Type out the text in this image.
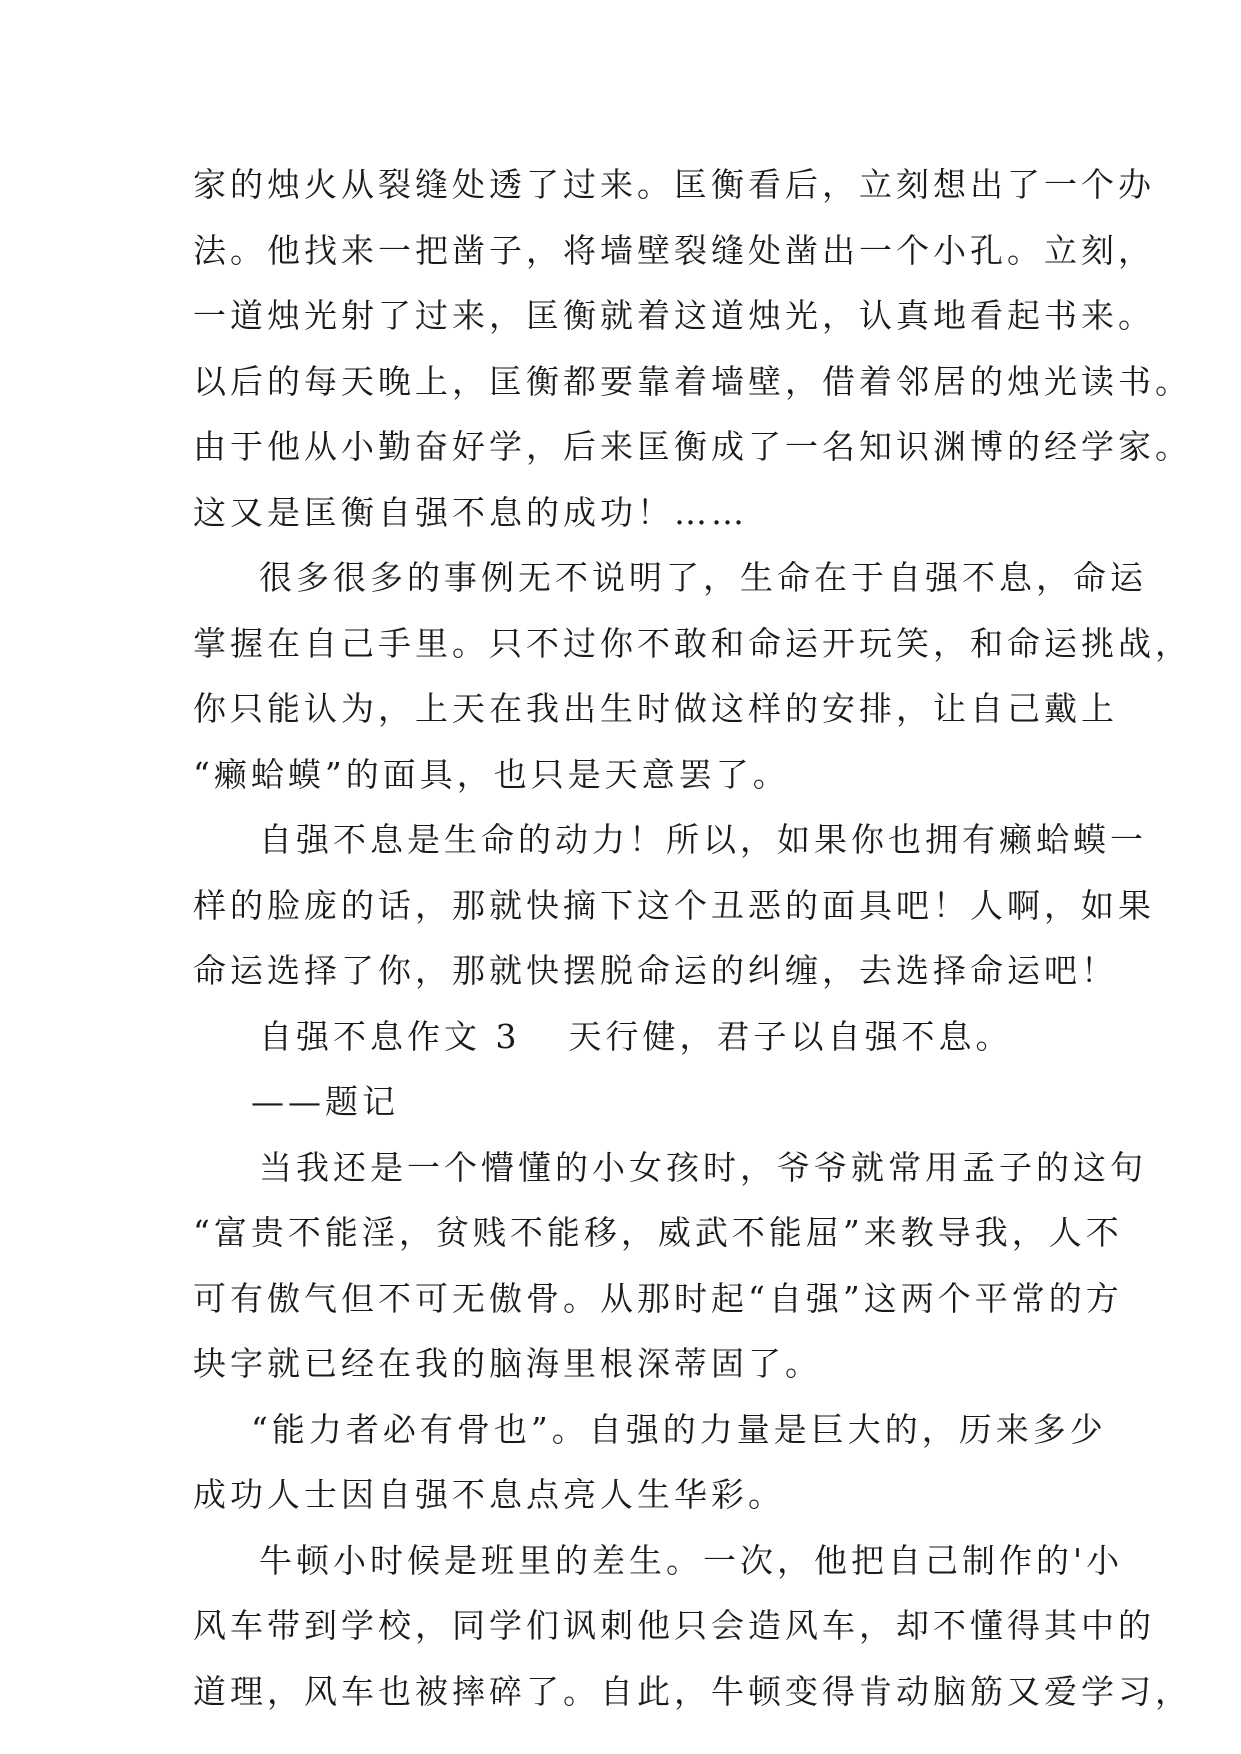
家的烛火从裂缝处透了过来。匡衡看后，立刻想出了一个办
法。他找来一把凿子，将墙壁裂缝处凿出一个小孔。立刻，
一道烛光射了过来，匡衡就着这道烛光，认真地看起书来。
以后的每天晚上，匡衡都要靠着墙壁，借着邻居的烛光读书。
由于他从小勤奋好学，后来匡衡成了一名知识渊博的经学家。
这又是匡衡自强不息的成功！……
很多很多的事例无不说明了，生命在于自强不息，命运
掌握在自己手里。只不过你不敢和命运开玩笑，和命运挑战，
你只能认为，上天在我出生时做这样的安排，让自己戴上
“癞蛤蟆”的面具，也只是天意罢了。
自强不息是生命的动力！所以，如果你也拥有癞蛤蟆一
样的脸庞的话，那就快摘下这个丑恶的面具吧！人啊，如果
命运选择了你，那就快摆脱命运的纠缠，去选择命运吧！
自强不息作文 3 天行健，君子以自强不息。
——题记
当我还是一个懵懂的小女孩时，爷爷就常用孟子的这句
“富贵不能淫，贫贱不能移，威武不能屈”来教导我，人不
可有傲气但不可无傲骨。从那时起“自强”这两个平常的方
块字就已经在我的脑海里根深蒂固了。
“能力者必有骨也”。自强的力量是巨大的，历来多少
成功人士因自强不息点亮人生华彩。
牛顿小时候是班里的差生。一次，他把自己制作的'小
风车带到学校，同学们讽刺他只会造风车，却不懂得其中的
道理，风车也被摔碎了。自此，牛顿变得肯动脑筋又爱学习，
